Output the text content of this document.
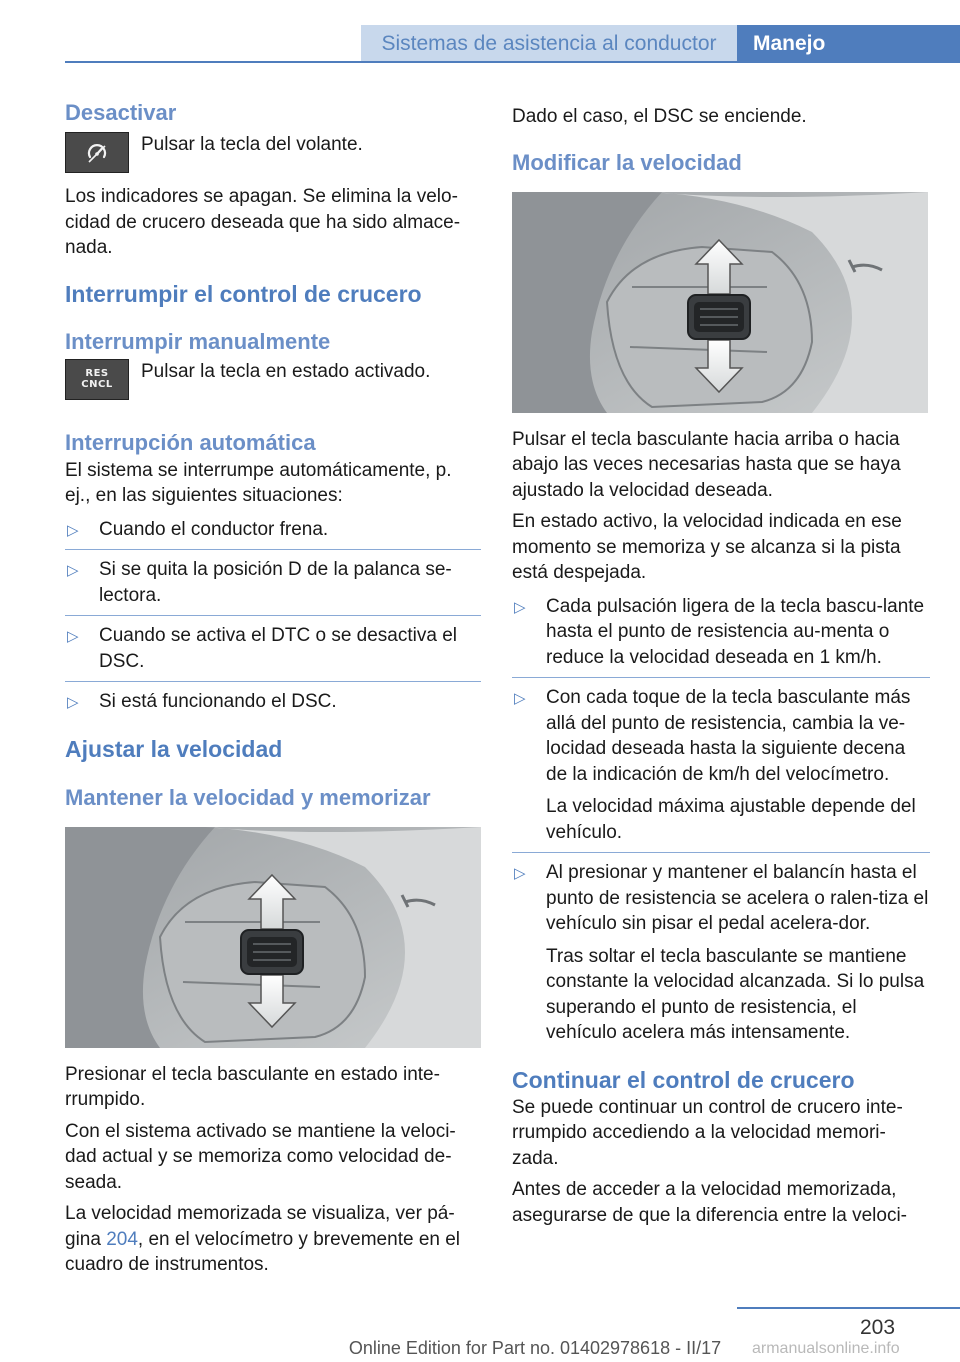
Sistemas de asistencia al conductor	Manejo
Desactivar
Pulsar la tecla del volante.
Los indicadores se apagan. Se elimina la velo-cidad de crucero deseada que ha sido almace-nada.
Interrumpir el control de crucero
Interrumpir manualmente
RES
CNCL
Pulsar la tecla en estado activado.
Interrupción automática
El sistema se interrumpe automáticamente, p. ej., en las siguientes situaciones:
▷ Cuando el conductor frena.
▷ Si se quita la posición D de la palanca se-lectora.
▷ Cuando se activa el DTC o se desactiva el DSC.
▷ Si está funcionando el DSC.
Ajustar la velocidad
Mantener la velocidad y memorizar
Presionar el tecla basculante en estado inte-rrumpido.
Con el sistema activado se mantiene la veloci-dad actual y se memoriza como velocidad de-seada.
La velocidad memorizada se visualiza, ver pá-gina 204, en el velocímetro y brevemente en el cuadro de instrumentos.
Dado el caso, el DSC se enciende.
Modificar la velocidad
Pulsar el tecla basculante hacia arriba o hacia abajo las veces necesarias hasta que se haya ajustado la velocidad deseada.
En estado activo, la velocidad indicada en ese momento se memoriza y se alcanza si la pista está despejada.
▷ Cada pulsación ligera de la tecla bascu-lante hasta el punto de resistencia au-menta o reduce la velocidad deseada en 1 km/h.
▷ Con cada toque de la tecla basculante más allá del punto de resistencia, cambia la ve-locidad deseada hasta la siguiente decena de la indicación de km/h del velocímetro.
La velocidad máxima ajustable depende del vehículo.
▷ Al presionar y mantener el balancín hasta el punto de resistencia se acelera o ralen-tiza el vehículo sin pisar el pedal acelera-dor.
Tras soltar el tecla basculante se mantiene constante la velocidad alcanzada. Si lo pulsa superando el punto de resistencia, el vehículo acelera más intensamente.
Continuar el control de crucero
Se puede continuar un control de crucero inte-rrumpido accediendo a la velocidad memori-zada.
Antes de acceder a la velocidad memorizada, asegurarse de que la diferencia entre la veloci-
203
Online Edition for Part no. 01402978618 - II/17	armanualsonline.info
